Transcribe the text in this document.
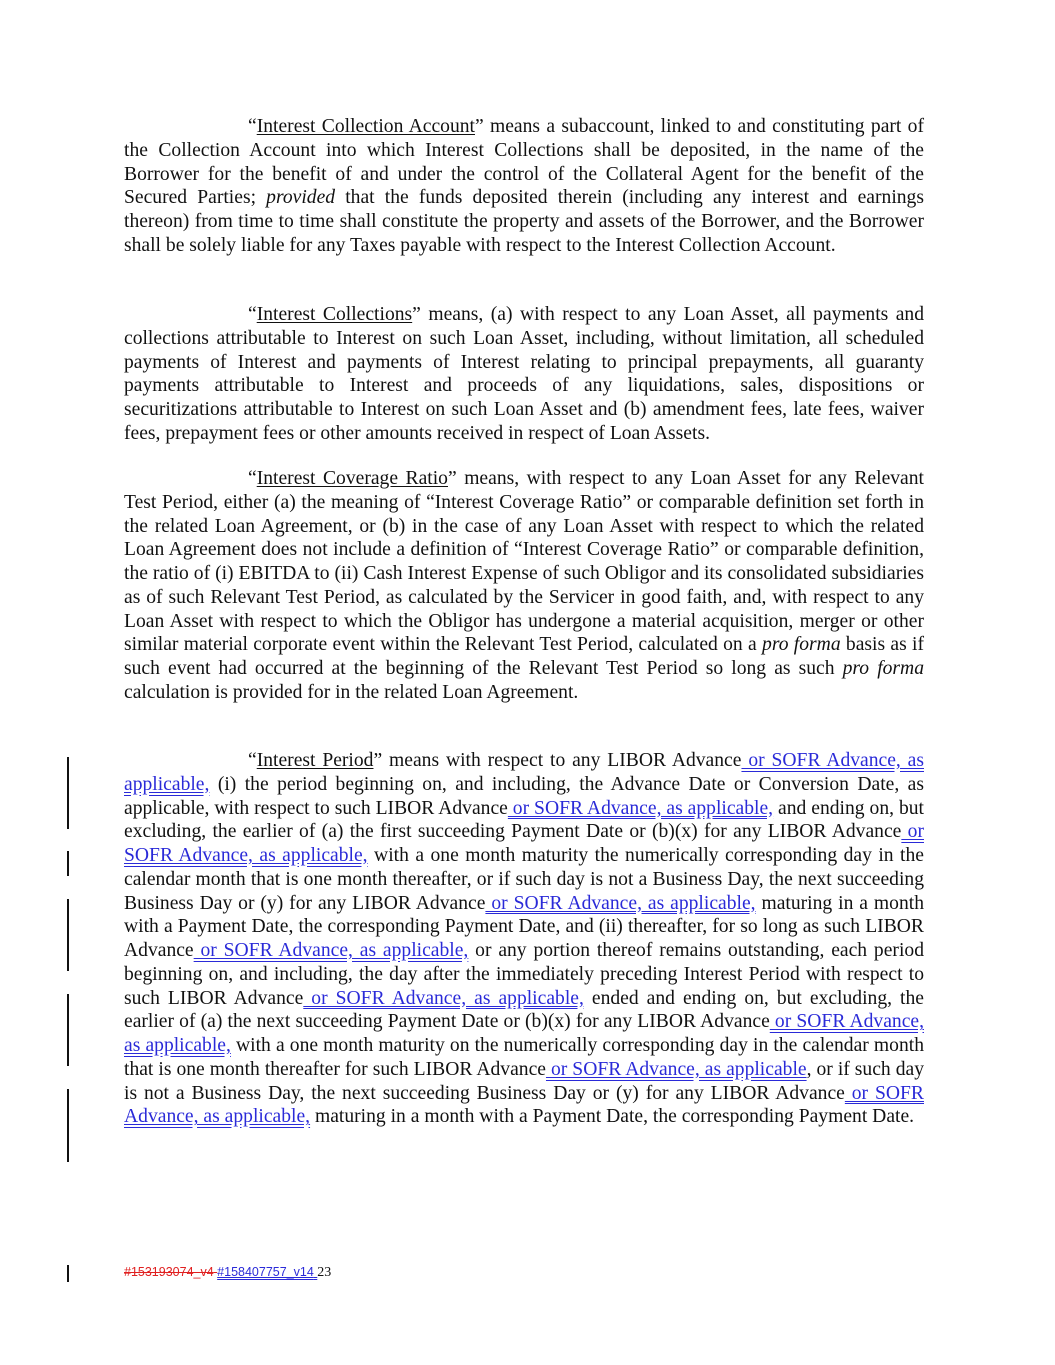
“Interest Collection Account” means a subaccount, linked to and constituting part of the Collection Account into which Interest Collections shall be deposited, in the name of the Borrower for the benefit of and under the control of the Collateral Agent for the benefit of the Secured Parties; provided that the funds deposited therein (including any interest and earnings thereon) from time to time shall constitute the property and assets of the Borrower, and the Borrower shall be solely liable for any Taxes payable with respect to the Interest Collection Account.

“Interest Collections” means, (a) with respect to any Loan Asset, all payments and collections attributable to Interest on such Loan Asset, including, without limitation, all scheduled payments of Interest and payments of Interest relating to principal prepayments, all guaranty payments attributable to Interest and proceeds of any liquidations, sales, dispositions or securitizations attributable to Interest on such Loan Asset and (b) amendment fees, late fees, waiver fees, prepayment fees or other amounts received in respect of Loan Assets.

“Interest Coverage Ratio” means, with respect to any Loan Asset for any Relevant Test Period, either (a) the meaning of “Interest Coverage Ratio” or comparable definition set forth in the related Loan Agreement, or (b) in the case of any Loan Asset with respect to which the related Loan Agreement does not include a definition of “Interest Coverage Ratio” or comparable definition, the ratio of (i) EBITDA to (ii) Cash Interest Expense of such Obligor and its consolidated subsidiaries as of such Relevant Test Period, as calculated by the Servicer in good faith, and, with respect to any Loan Asset with respect to which the Obligor has undergone a material acquisition, merger or other similar material corporate event within the Relevant Test Period, calculated on a pro forma basis as if such event had occurred at the beginning of the Relevant Test Period so long as such pro forma calculation is provided for in the related Loan Agreement.

“Interest Period” means with respect to any LIBOR Advance or SOFR Advance, as applicable, (i) the period beginning on, and including, the Advance Date or Conversion Date, as applicable, with respect to such LIBOR Advance or SOFR Advance, as applicable, and ending on, but excluding, the earlier of (a) the first succeeding Payment Date or (b)(x) for any LIBOR Advance or SOFR Advance, as applicable, with a one month maturity the numerically corresponding day in the calendar month that is one month thereafter, or if such day is not a Business Day, the next succeeding Business Day or (y) for any LIBOR Advance or SOFR Advance, as applicable, maturing in a month with a Payment Date, the corresponding Payment Date, and (ii) thereafter, for so long as such LIBOR Advance or SOFR Advance, as applicable, or any portion thereof remains outstanding, each period beginning on, and including, the day after the immediately preceding Interest Period with respect to such LIBOR Advance or SOFR Advance, as applicable, ended and ending on, but excluding, the earlier of (a) the next succeeding Payment Date or (b)(x) for any LIBOR Advance or SOFR Advance, as applicable, with a one month maturity on the numerically corresponding day in the calendar month that is one month thereafter for such LIBOR Advance or SOFR Advance, as applicable, or if such day is not a Business Day, the next succeeding Business Day or (y) for any LIBOR Advance or SOFR Advance, as applicable, maturing in a month with a Payment Date, the corresponding Payment Date.

#153193074_v4 #158407757_v14 23
